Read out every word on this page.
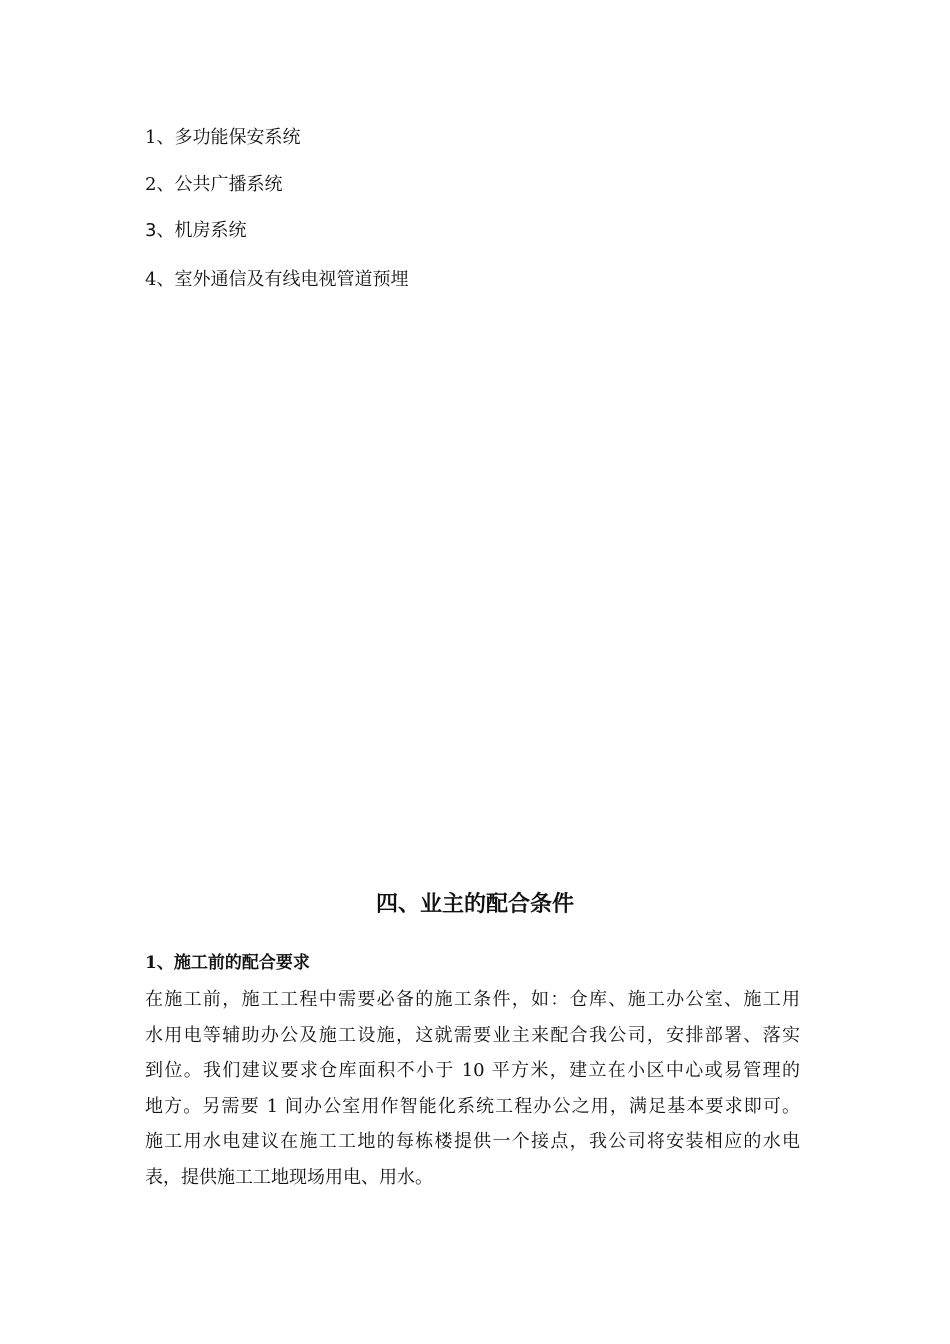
1、多功能保安系统
2、公共广播系统
3、机房系统
4、室外通信及有线电视管道预埋
四、业主的配合条件
1、施工前的配合要求
在施工前，施工工程中需要必备的施工条件，如：仓库、施工办公室、施工用
水用电等辅助办公及施工设施，这就需要业主来配合我公司，安排部署、落实
到位。我们建议要求仓库面积不小于 10 平方米，建立在小区中心或易管理的
地方。另需要 1 间办公室用作智能化系统工程办公之用，满足基本要求即可。
施工用水电建议在施工工地的每栋楼提供一个接点，我公司将安装相应的水电
表，提供施工工地现场用电、用水。
